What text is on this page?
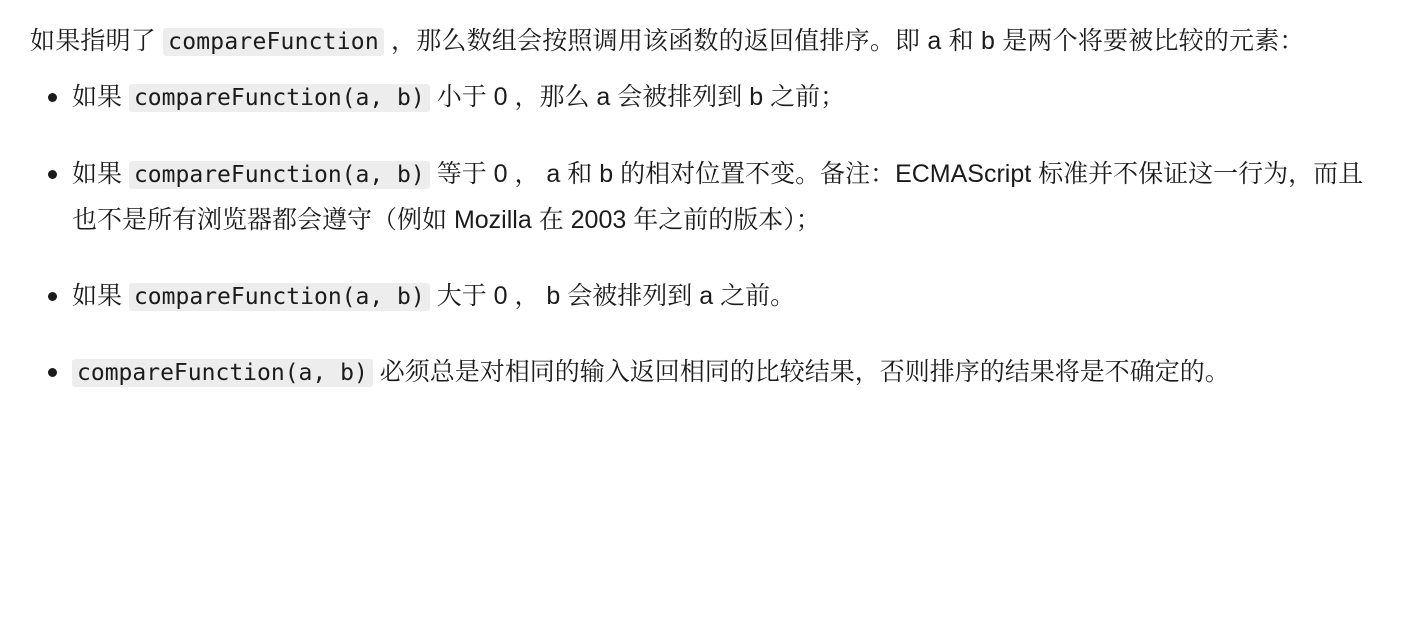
如果指明了 compareFunction ，那么数组会按照调用该函数的返回值排序。即 a 和 b 是两个将要被比较的元素：

如果 compareFunction(a, b) 小于 0 ，那么 a 会被排列到 b 之前；
如果 compareFunction(a, b) 等于 0 ， a 和 b 的相对位置不变。备注：ECMAScript 标准并不保证这一行为，而且也不是所有浏览器都会遵守（例如 Mozilla 在 2003 年之前的版本）；
如果 compareFunction(a, b) 大于 0 ， b 会被排列到 a 之前。
compareFunction(a, b) 必须总是对相同的输入返回相同的比较结果，否则排序的结果将是不确定的。
